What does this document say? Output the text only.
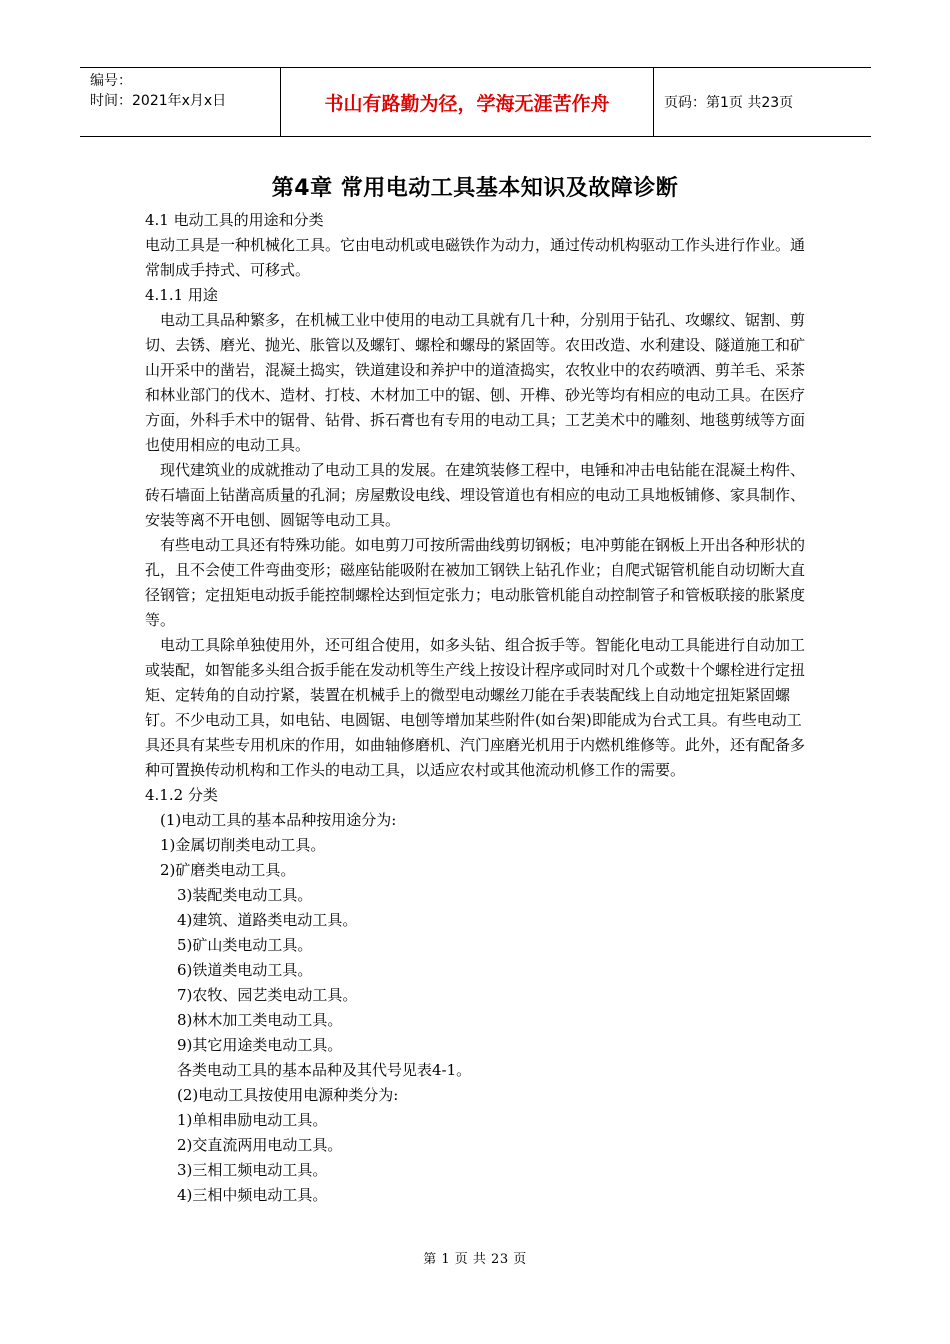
编号：
时间：2021年x月x日	书山有路勤为径，学海无涯苦作舟	页码：第1页 共23页
第4章 常用电动工具基本知识及故障诊断

4.1 电动工具的用途和分类

电动工具是一种机械化工具。它由电动机或电磁铁作为动力，通过传动机构驱动工作头进行作业。通常制成手持式、可移式。

4.1.1 用途

电动工具品种繁多，在机械工业中使用的电动工具就有几十种，分别用于钻孔、攻螺纹、锯割、剪切、去锈、磨光、抛光、胀管以及螺钉、螺栓和螺母的紧固等。农田改造、水利建设、隧道施工和矿山开采中的凿岩，混凝土捣实，铁道建设和养护中的道渣捣实，农牧业中的农药喷洒、剪羊毛、采茶和林业部门的伐木、造材、打枝、木材加工中的锯、刨、开榫、砂光等均有相应的电动工具。在医疗方面，外科手术中的锯骨、钻骨、拆石膏也有专用的电动工具；工艺美术中的雕刻、地毯剪绒等方面也使用相应的电动工具。

现代建筑业的成就推动了电动工具的发展。在建筑装修工程中，电锤和冲击电钻能在混凝土构件、砖石墙面上钻凿高质量的孔洞；房屋敷设电线、埋设管道也有相应的电动工具地板铺修、家具制作、安装等离不开电刨、圆锯等电动工具。

有些电动工具还有特殊功能。如电剪刀可按所需曲线剪切钢板；电冲剪能在钢板上开出各种形状的孔，且不会使工件弯曲变形；磁座钻能吸附在被加工钢铁上钻孔作业；自爬式锯管机能自动切断大直径钢管；定扭矩电动扳手能控制螺栓达到恒定张力；电动胀管机能自动控制管子和管板联接的胀紧度等。

电动工具除单独使用外，还可组合使用，如多头钻、组合扳手等。智能化电动工具能进行自动加工或装配，如智能多头组合扳手能在发动机等生产线上按设计程序或同时对几个或数十个螺栓进行定扭矩、定转角的自动拧紧，装置在机械手上的微型电动螺丝刀能在手表装配线上自动地定扭矩紧固螺钉。不少电动工具，如电钻、电圆锯、电刨等增加某些附件(如台架)即能成为台式工具。有些电动工具还具有某些专用机床的作用，如曲轴修磨机、汽门座磨光机用于内燃机维修等。此外，还有配备多种可置换传动机构和工作头的电动工具，以适应农村或其他流动机修工作的需要。

4.1.2 分类

(1)电动工具的基本品种按用途分为:

1)金属切削类电动工具。

2)矿磨类电动工具。

3)装配类电动工具。

4)建筑、道路类电动工具。

5)矿山类电动工具。

6)铁道类电动工具。

7)农牧、园艺类电动工具。

8)林木加工类电动工具。

9)其它用途类电动工具。

各类电动工具的基本品种及其代号见表4-1。

(2)电动工具按使用电源种类分为:

1)单相串励电动工具。

2)交直流两用电动工具。

3)三相工频电动工具。

4)三相中频电动工具。

第 1 页 共 23 页
